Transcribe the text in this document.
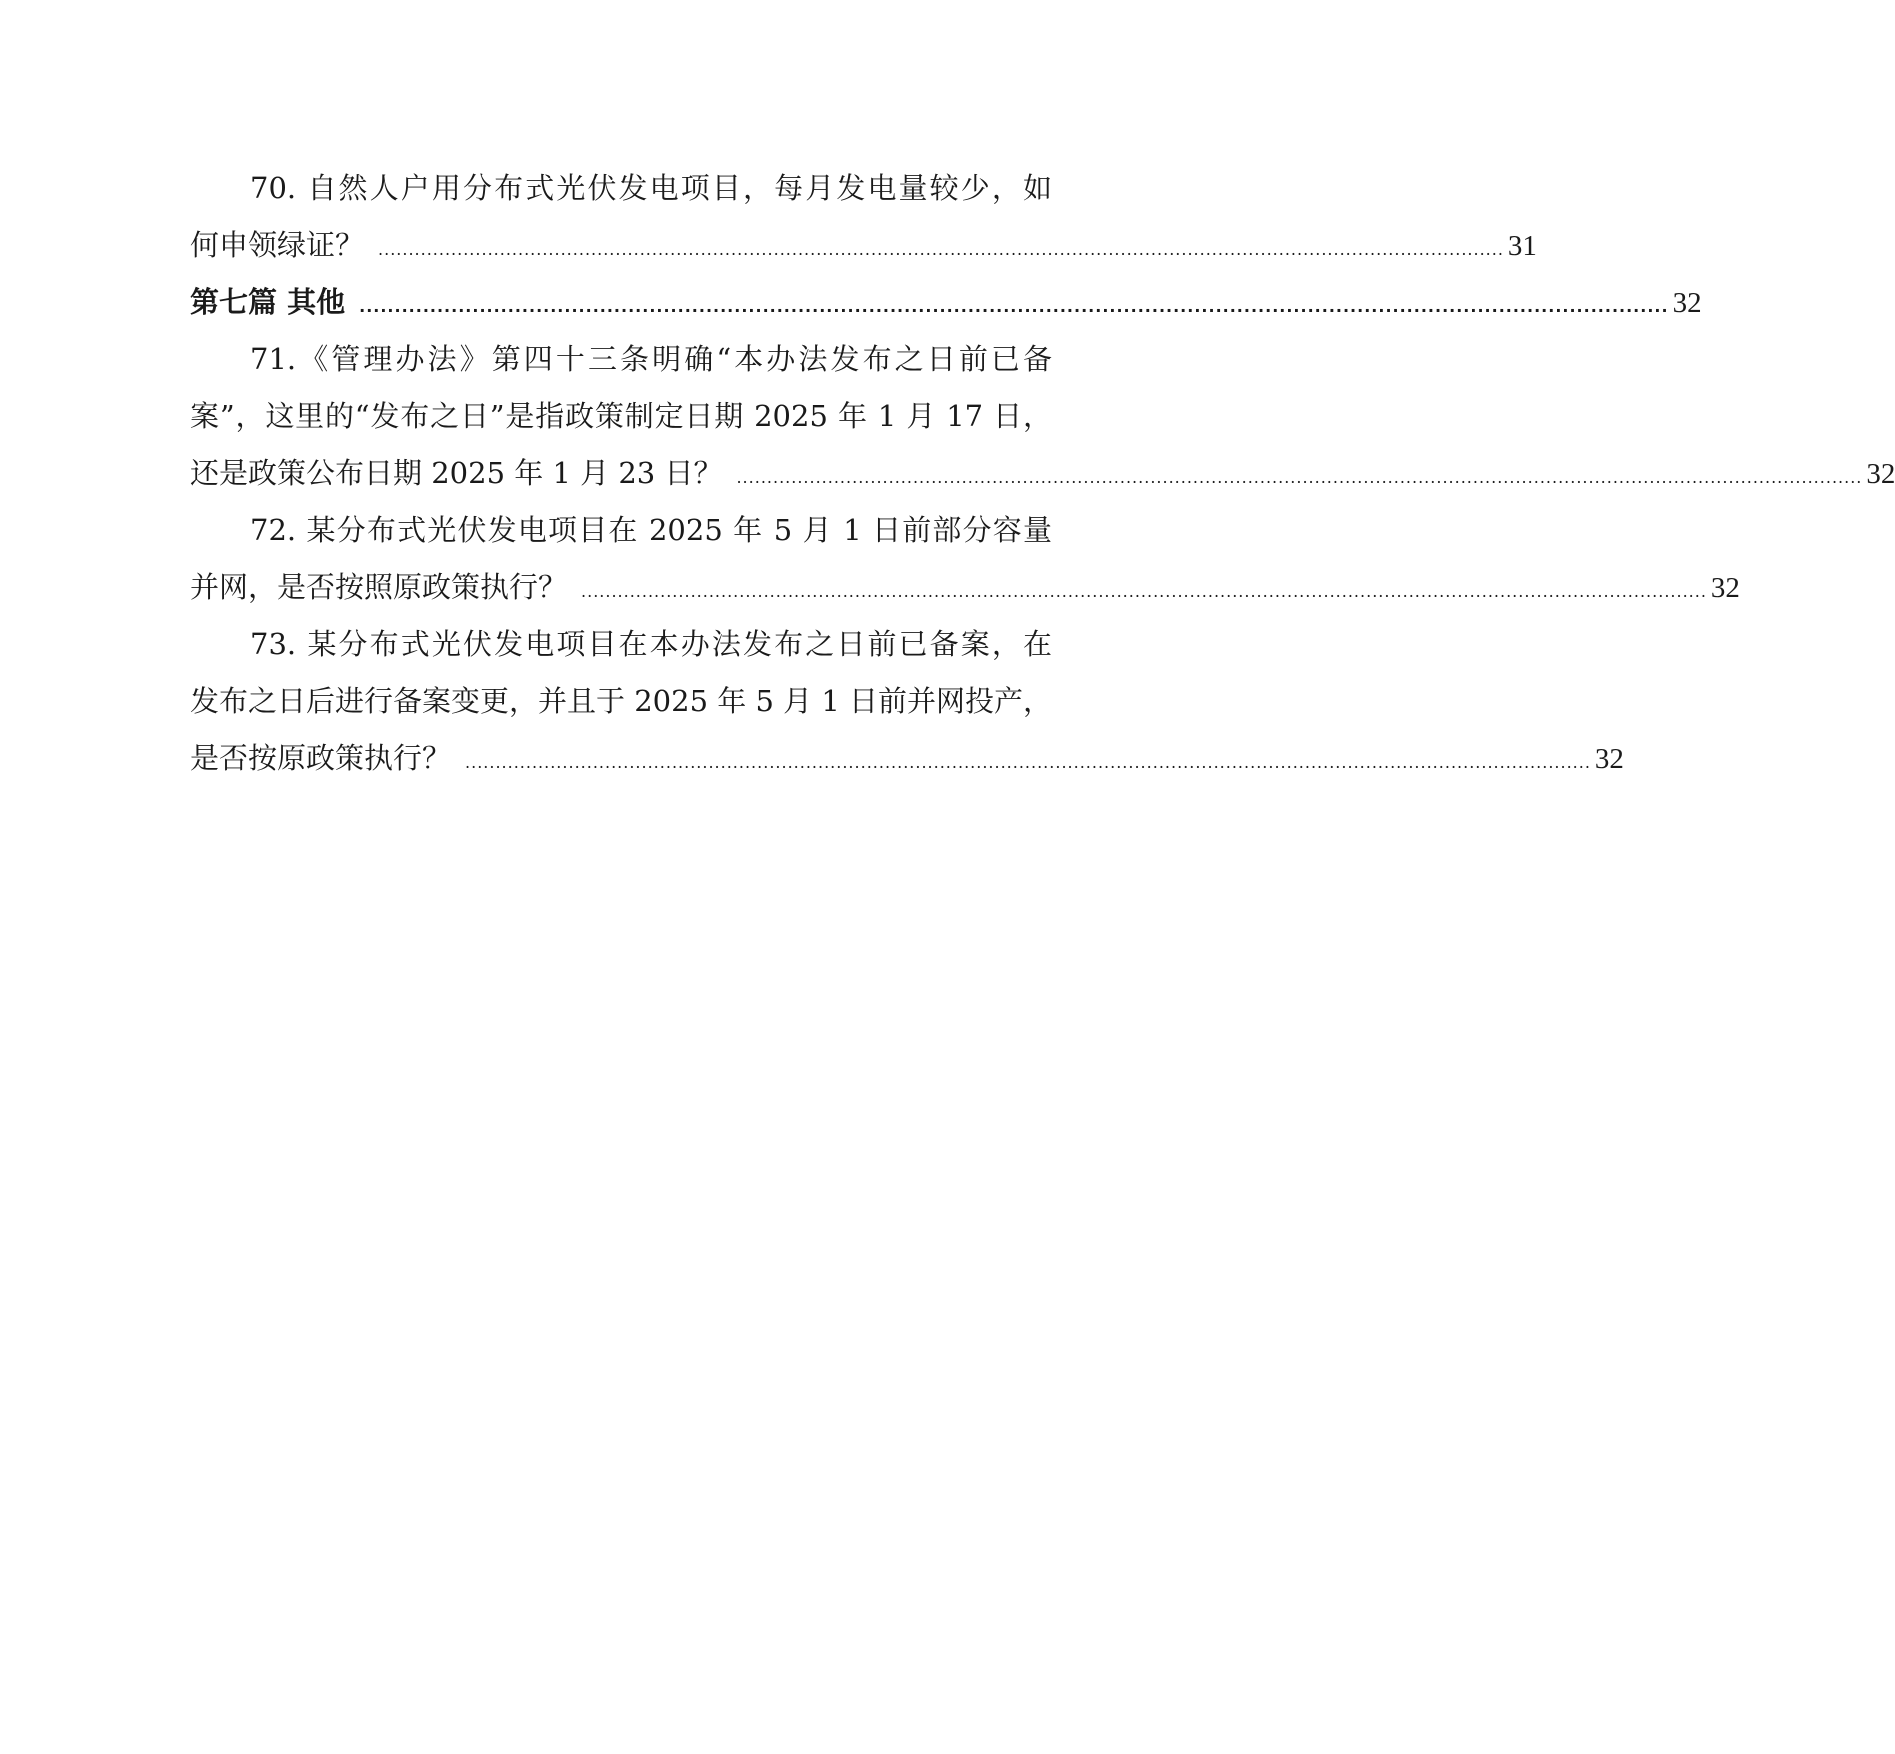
70. 自然人户用分布式光伏发电项目，每月发电量较少，如
何申领绿证？ ......................................................................................................................................................................................... 31
第七篇 其他 ......................................................................................................................................................................................... 32
71.《管理办法》第四十三条明确“本办法发布之日前已备
案”，这里的“发布之日”是指政策制定日期 2025 年 1 月 17 日，
还是政策公布日期 2025 年 1 月 23 日？ ......................................................................................................................................................................................... 32
72. 某分布式光伏发电项目在 2025 年 5 月 1 日前部分容量
并网，是否按照原政策执行？ ......................................................................................................................................................................................... 32
73. 某分布式光伏发电项目在本办法发布之日前已备案，在
发布之日后进行备案变更，并且于 2025 年 5 月 1 日前并网投产，
是否按原政策执行？ ......................................................................................................................................................................................... 32
